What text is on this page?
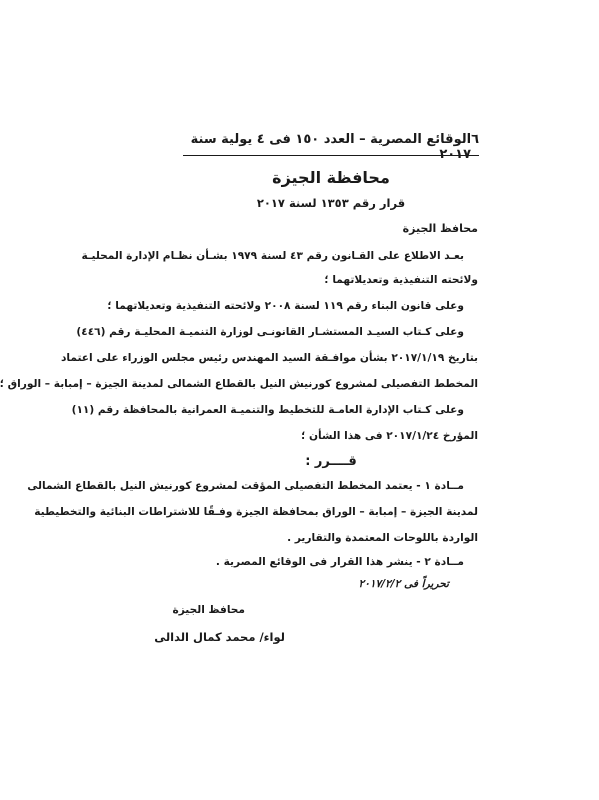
٦
الوقائع المصرية – العدد ١٥٠ فى ٤ يولية سنة ٢٠١٧
محافظة الجيزة
قرار رقم ١٣٥٣ لسنة ٢٠١٧
محافظ الجيزة
بعـد الاطلاع على القـانون رقم ٤٣ لسنة ١٩٧٩ بشـأن نظـام الإدارة المحليـة
ولائحته التنفيذية وتعديلاتهما ؛
وعلى قانون البناء رقم ١١٩ لسنة ٢٠٠٨ ولائحته التنفيذية وتعديلاتهما ؛
وعلى كـتاب السيـد المستشـار القانونـى لوزارة التنميـة المحليـة رقم (٤٤٦)
بتاريخ ٢٠١٧/١/١٩ بشأن موافـقة السيد المهندس رئيس مجلس الوزراء على اعتماد
المخطط التفصيلى لمشروع كورنيش النيل بالقطاع الشمالى لمدينة الجيزة – إمبابة – الوراق ؛
وعلى كـتاب الإدارة العامـة للتخطيط والتنميـة العمرانية بالمحافظة رقم (١١)
المؤرخ ٢٠١٧/١/٢٤ فى هذا الشأن ؛
قــــرر :
مــادة ١ - يعتمد المخطط التفصيلى المؤقت لمشروع كورنيش النيل بالقطاع الشمالى
لمدينة الجيزة – إمبابة – الوراق بمحافظة الجيزة وفـقًا للاشتراطات البنائية والتخطيطية
الواردة باللوحات المعتمدة والتقارير .
مــادة ٢ - ينشر هذا القرار فى الوقائع المصرية .
تحريراً فى ٢٠١٧/٢/٢
محافظ الجيزة
لواء/ محمد كمال الدالى
